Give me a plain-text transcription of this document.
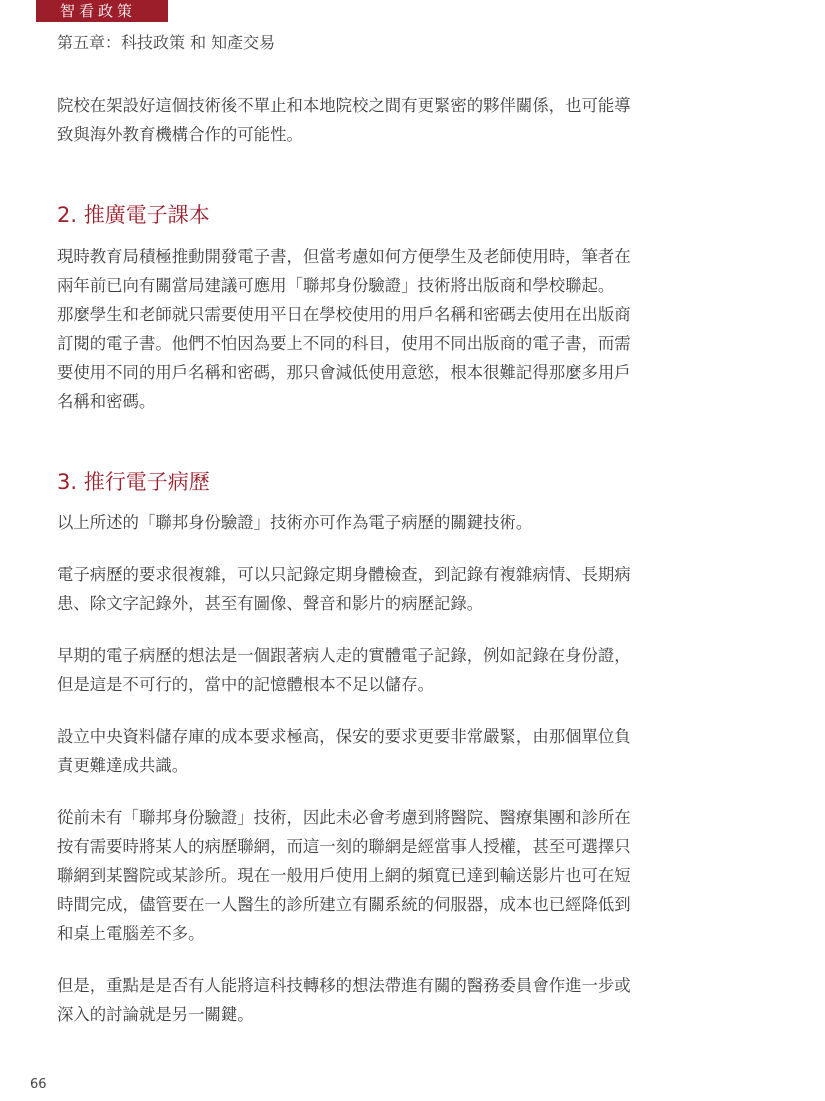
智看政策
第五章：科技政策 和 知產交易

院校在架設好這個技術後不單止和本地院校之間有更緊密的夥伴關係，也可能導
致與海外教育機構合作的可能性。

2. 推廣電子課本

現時教育局積極推動開發電子書，但當考慮如何方便學生及老師使用時，筆者在
兩年前已向有關當局建議可應用「聯邦身份驗證」技術將出版商和學校聯起。
那麼學生和老師就只需要使用平日在學校使用的用戶名稱和密碼去使用在出版商
訂閱的電子書。他們不怕因為要上不同的科目，使用不同出版商的電子書，而需
要使用不同的用戶名稱和密碼，那只會減低使用意慾，根本很難記得那麼多用戶
名稱和密碼。

3. 推行電子病歷

以上所述的「聯邦身份驗證」技術亦可作為電子病歷的關鍵技術。

電子病歷的要求很複雜，可以只記錄定期身體檢查，到記錄有複雜病情、長期病
患、除文字記錄外，甚至有圖像、聲音和影片的病歷記錄。

早期的電子病歷的想法是一個跟著病人走的實體電子記錄，例如記錄在身份證，
但是這是不可行的，當中的記憶體根本不足以儲存。

設立中央資料儲存庫的成本要求極高，保安的要求更要非常嚴緊，由那個單位負
責更難達成共識。

從前未有「聯邦身份驗證」技術，因此未必會考慮到將醫院、醫療集團和診所在
按有需要時將某人的病歷聯網，而這一刻的聯網是經當事人授權，甚至可選擇只
聯網到某醫院或某診所。現在一般用戶使用上網的頻寬已達到輸送影片也可在短
時間完成，儘管要在一人醫生的診所建立有關系統的伺服器，成本也已經降低到
和桌上電腦差不多。

但是，重點是是否有人能將這科技轉移的想法帶進有關的醫務委員會作進一步或
深入的討論就是另一關鍵。

66
